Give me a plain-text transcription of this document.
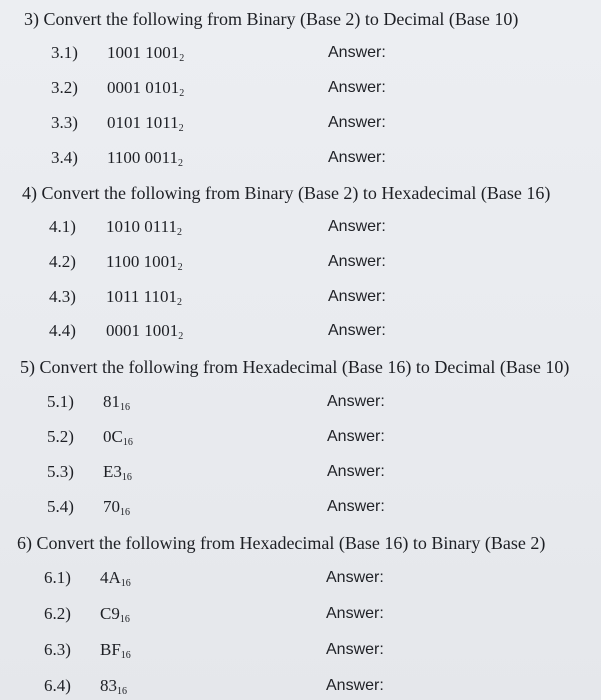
3) Convert the following from Binary (Base 2) to Decimal (Base 10)
3.1) 1001 $1001_2$	Answer:
3.2) 0001 $0101_2$	Answer:
3.3) 0101 $1011_2$	Answer:
3.4) 1100 $0011_2$	Answer:
4) Convert the following from Binary (Base 2) to Hexadecimal (Base 16)
4.1) 1010 $0111_2$	Answer:
4.2) 1100 $1001_2$	Answer:
4.3) 1011 $1101_2$	Answer:
4.4) 0001 $1001_2$	Answer:
5) Convert the following from Hexadecimal (Base 16) to Decimal (Base 10)
5.1) $81_{16}$	Answer:
5.2) $0C_{16}$	Answer:
5.3) $E3_{16}$	Answer:
5.4) $70_{16}$	Answer:
6) Convert the following from Hexadecimal (Base 16) to Binary (Base 2)
6.1) $4A_{16}$	Answer:
6.2) $C9_{16}$	Answer:
6.3) $BF_{16}$	Answer:
6.4) $83_{16}$	Answer:
